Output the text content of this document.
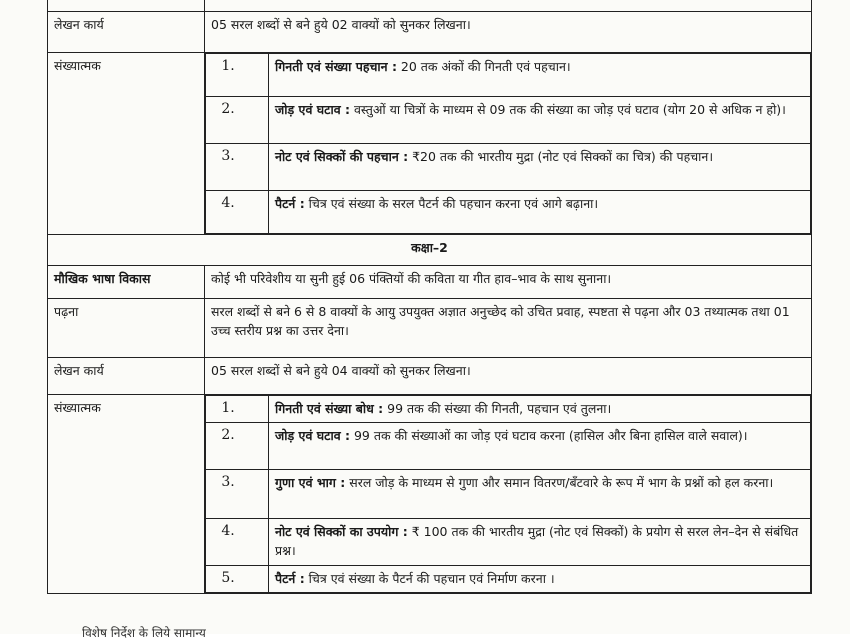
लेखन कार्य	05 सरल शब्दों से बने हुये 02 वाक्यों को सुनकर लिखना।
संख्यात्मक		1.	गिनती एवं संख्या पहचान : 20 तक अंकों की गिनती एवं पहचान।
2.	जोड़ एवं घटाव : वस्तुओं या चित्रों के माध्यम से 09 तक की संख्या का जोड़ एवं घटाव (योग 20 से अधिक न हो)।
3.	नोट एवं सिक्कों की पहचान : ₹20 तक की भारतीय मुद्रा (नोट एवं सिक्कों का चित्र) की पहचान।
4.	पैटर्न : चित्र एवं संख्या के सरल पैटर्न की पहचान करना एवं आगे बढ़ाना।

कक्षा–2
मौखिक भाषा विकास	कोई भी परिवेशीय या सुनी हुई 06 पंक्तियों की कविता या गीत हाव–भाव के साथ सुनाना।
पढ़ना	सरल शब्दों से बने 6 से 8 वाक्यों के आयु उपयुक्त अज्ञात अनुच्छेद को उचित प्रवाह, स्पष्टता से पढ़ना और 03 तथ्यात्मक तथा 01 उच्च स्तरीय प्रश्न का उत्तर देना।
लेखन कार्य	05 सरल शब्दों से बने हुये 04 वाक्यों को सुनकर लिखना।
संख्यात्मक		1.	गिनती एवं संख्या बोध : 99 तक की संख्या की गिनती, पहचान एवं तुलना।
2.	जोड़ एवं घटाव : 99 तक की संख्याओं का जोड़ एवं घटाव करना (हासिल और बिना हासिल वाले सवाल)।
3.	गुणा एवं भाग : सरल जोड़ के माध्यम से गुणा और समान वितरण/बँटवारे के रूप में भाग के प्रश्नों को हल करना।
4.	नोट एवं सिक्कों का उपयोग : ₹ 100 तक की भारतीय मुद्रा (नोट एवं सिक्कों) के प्रयोग से सरल लेन–देन से संबंधित प्रश्न।
5.	पैटर्न : चित्र एवं संख्या के पैटर्न की पहचान एवं निर्माण करना ।
विशेष निर्देश के लिये सामान्य
